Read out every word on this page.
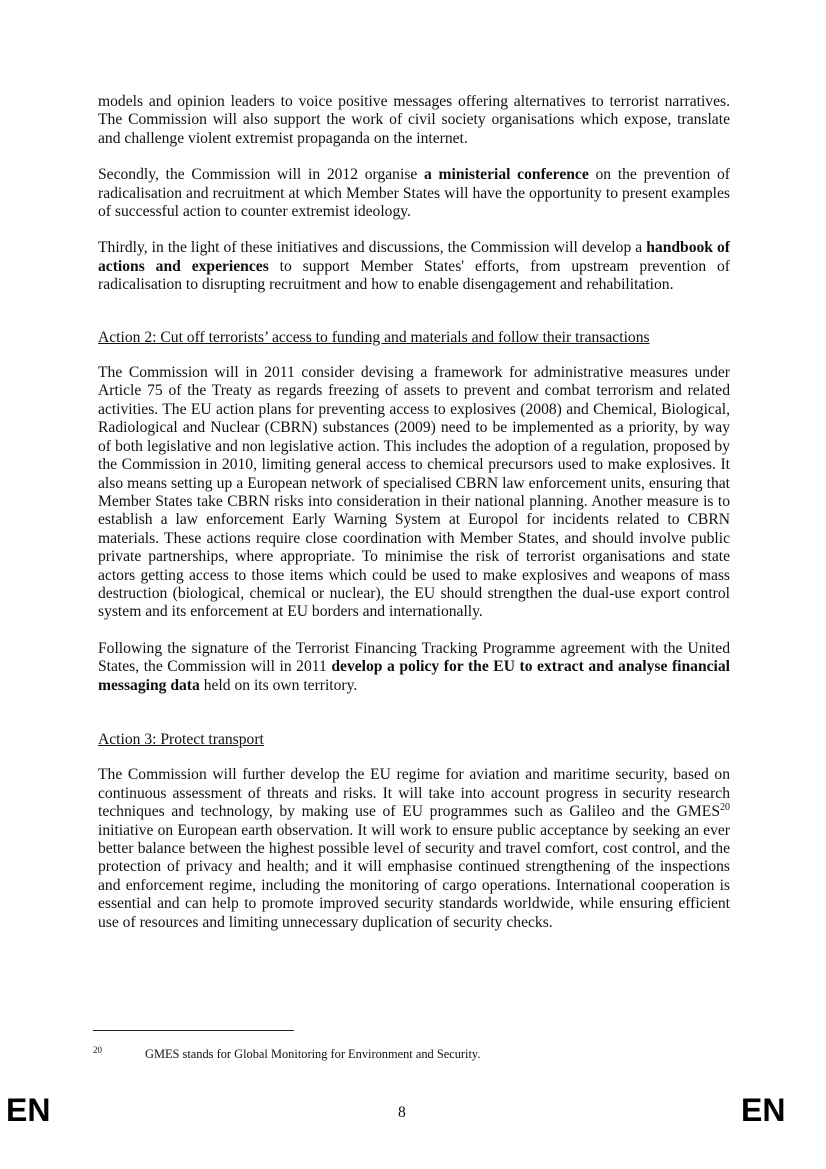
models and opinion leaders to voice positive messages offering alternatives to terrorist narratives. The Commission will also support the work of civil society organisations which expose, translate and challenge violent extremist propaganda on the internet.

Secondly, the Commission will in 2012 organise a ministerial conference on the prevention of radicalisation and recruitment at which Member States will have the opportunity to present examples of successful action to counter extremist ideology.

Thirdly, in the light of these initiatives and discussions, the Commission will develop a handbook of actions and experiences to support Member States' efforts, from upstream prevention of radicalisation to disrupting recruitment and how to enable disengagement and rehabilitation.

Action 2: Cut off terrorists’ access to funding and materials and follow their transactions

The Commission will in 2011 consider devising a framework for administrative measures under Article 75 of the Treaty as regards freezing of assets to prevent and combat terrorism and related activities. The EU action plans for preventing access to explosives (2008) and Chemical, Biological, Radiological and Nuclear (CBRN) substances (2009) need to be implemented as a priority, by way of both legislative and non legislative action. This includes the adoption of a regulation, proposed by the Commission in 2010, limiting general access to chemical precursors used to make explosives. It also means setting up a European network of specialised CBRN law enforcement units, ensuring that Member States take CBRN risks into consideration in their national planning. Another measure is to establish a law enforcement Early Warning System at Europol for incidents related to CBRN materials. These actions require close coordination with Member States, and should involve public private partnerships, where appropriate. To minimise the risk of terrorist organisations and state actors getting access to those items which could be used to make explosives and weapons of mass destruction (biological, chemical or nuclear), the EU should strengthen the dual-use export control system and its enforcement at EU borders and internationally.

Following the signature of the Terrorist Financing Tracking Programme agreement with the United States, the Commission will in 2011 develop a policy for the EU to extract and analyse financial messaging data held on its own territory.

Action 3: Protect transport

The Commission will further develop the EU regime for aviation and maritime security, based on continuous assessment of threats and risks. It will take into account progress in security research techniques and technology, by making use of EU programmes such as Galileo and the GMES$^{20}$ initiative on European earth observation. It will work to ensure public acceptance by seeking an ever better balance between the highest possible level of security and travel comfort, cost control, and the protection of privacy and health; and it will emphasise continued strengthening of the inspections and enforcement regime, including the monitoring of cargo operations. International cooperation is essential and can help to promote improved security standards worldwide, while ensuring efficient use of resources and limiting unnecessary duplication of security checks.

20	GMES stands for Global Monitoring for Environment and Security.
EN	8	EN
